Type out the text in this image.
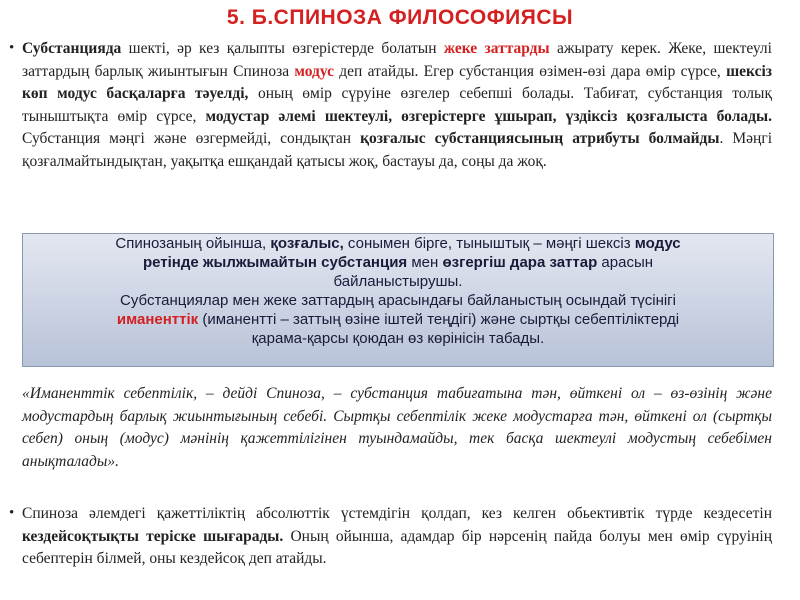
5. Б.СПИНОЗА ФИЛОСОФИЯСЫ
• Субстанцияда шекті, әр кез қалыпты өзгерістерде болатын жеке заттарды ажырату керек. Жеке, шектеулі заттардың барлық жиынтығын Спиноза модус деп атайды. Егер субстанция өзімен-өзі дара өмір сүрсе, шексіз көп модус басқаларға тәуелді, оның өмір сүруіне өзгелер себепші болады. Табиғат, субстанция толық тыныштықта өмір сүрсе, модустар әлемі шектеулі, өзгерістерге ұшырап, үздіксіз қозғалыста болады. Субстанция мәңгі және өзгермейді, сондықтан қозғалыс субстанциясының атрибуты болмайды. Мәңгі қозғалмайтындықтан, уақытқа ешқандай қатысы жоқ, бастауы да, соңы да жоқ.
Спинозаның ойынша, қозғалыс, сонымен бірге, тыныштық – мәңгі шексіз модус
ретінде жылжымайтын субстанция мен өзгергіш дара заттар арасын
байланыстырушы.
Субстанциялар мен жеке заттардың арасындағы байланыстың осындай түсінігі
иманенттік (иманентті – заттың өзіне іштей теңдігі) және сыртқы себептіліктерді
қарама-қарсы қоюдан өз көрінісін табады.
«Иманенттік себептілік, – дейді Спиноза, – субстанция табиғатына тән, өйткені ол – өз-өзінің және модустардың барлық жиынтығының себебі. Сыртқы себептілік жеке модустарға тән, өйткені ол (сыртқы себеп) оның (модус) мәнінің қажеттілігінен туындамайды, тек басқа шектеулі модустың себебімен анықталады».
• Спиноза әлемдегі қажеттіліктің абсолюттік үстемдігін қолдап, кез келген обьективтік түрде кездесетін кездейсоқтықты теріске шығарады. Оның ойынша, адамдар бір нәрсенің пайда болуы мен өмір сүруінің себептерін білмей, оны кездейсоқ деп атайды.
